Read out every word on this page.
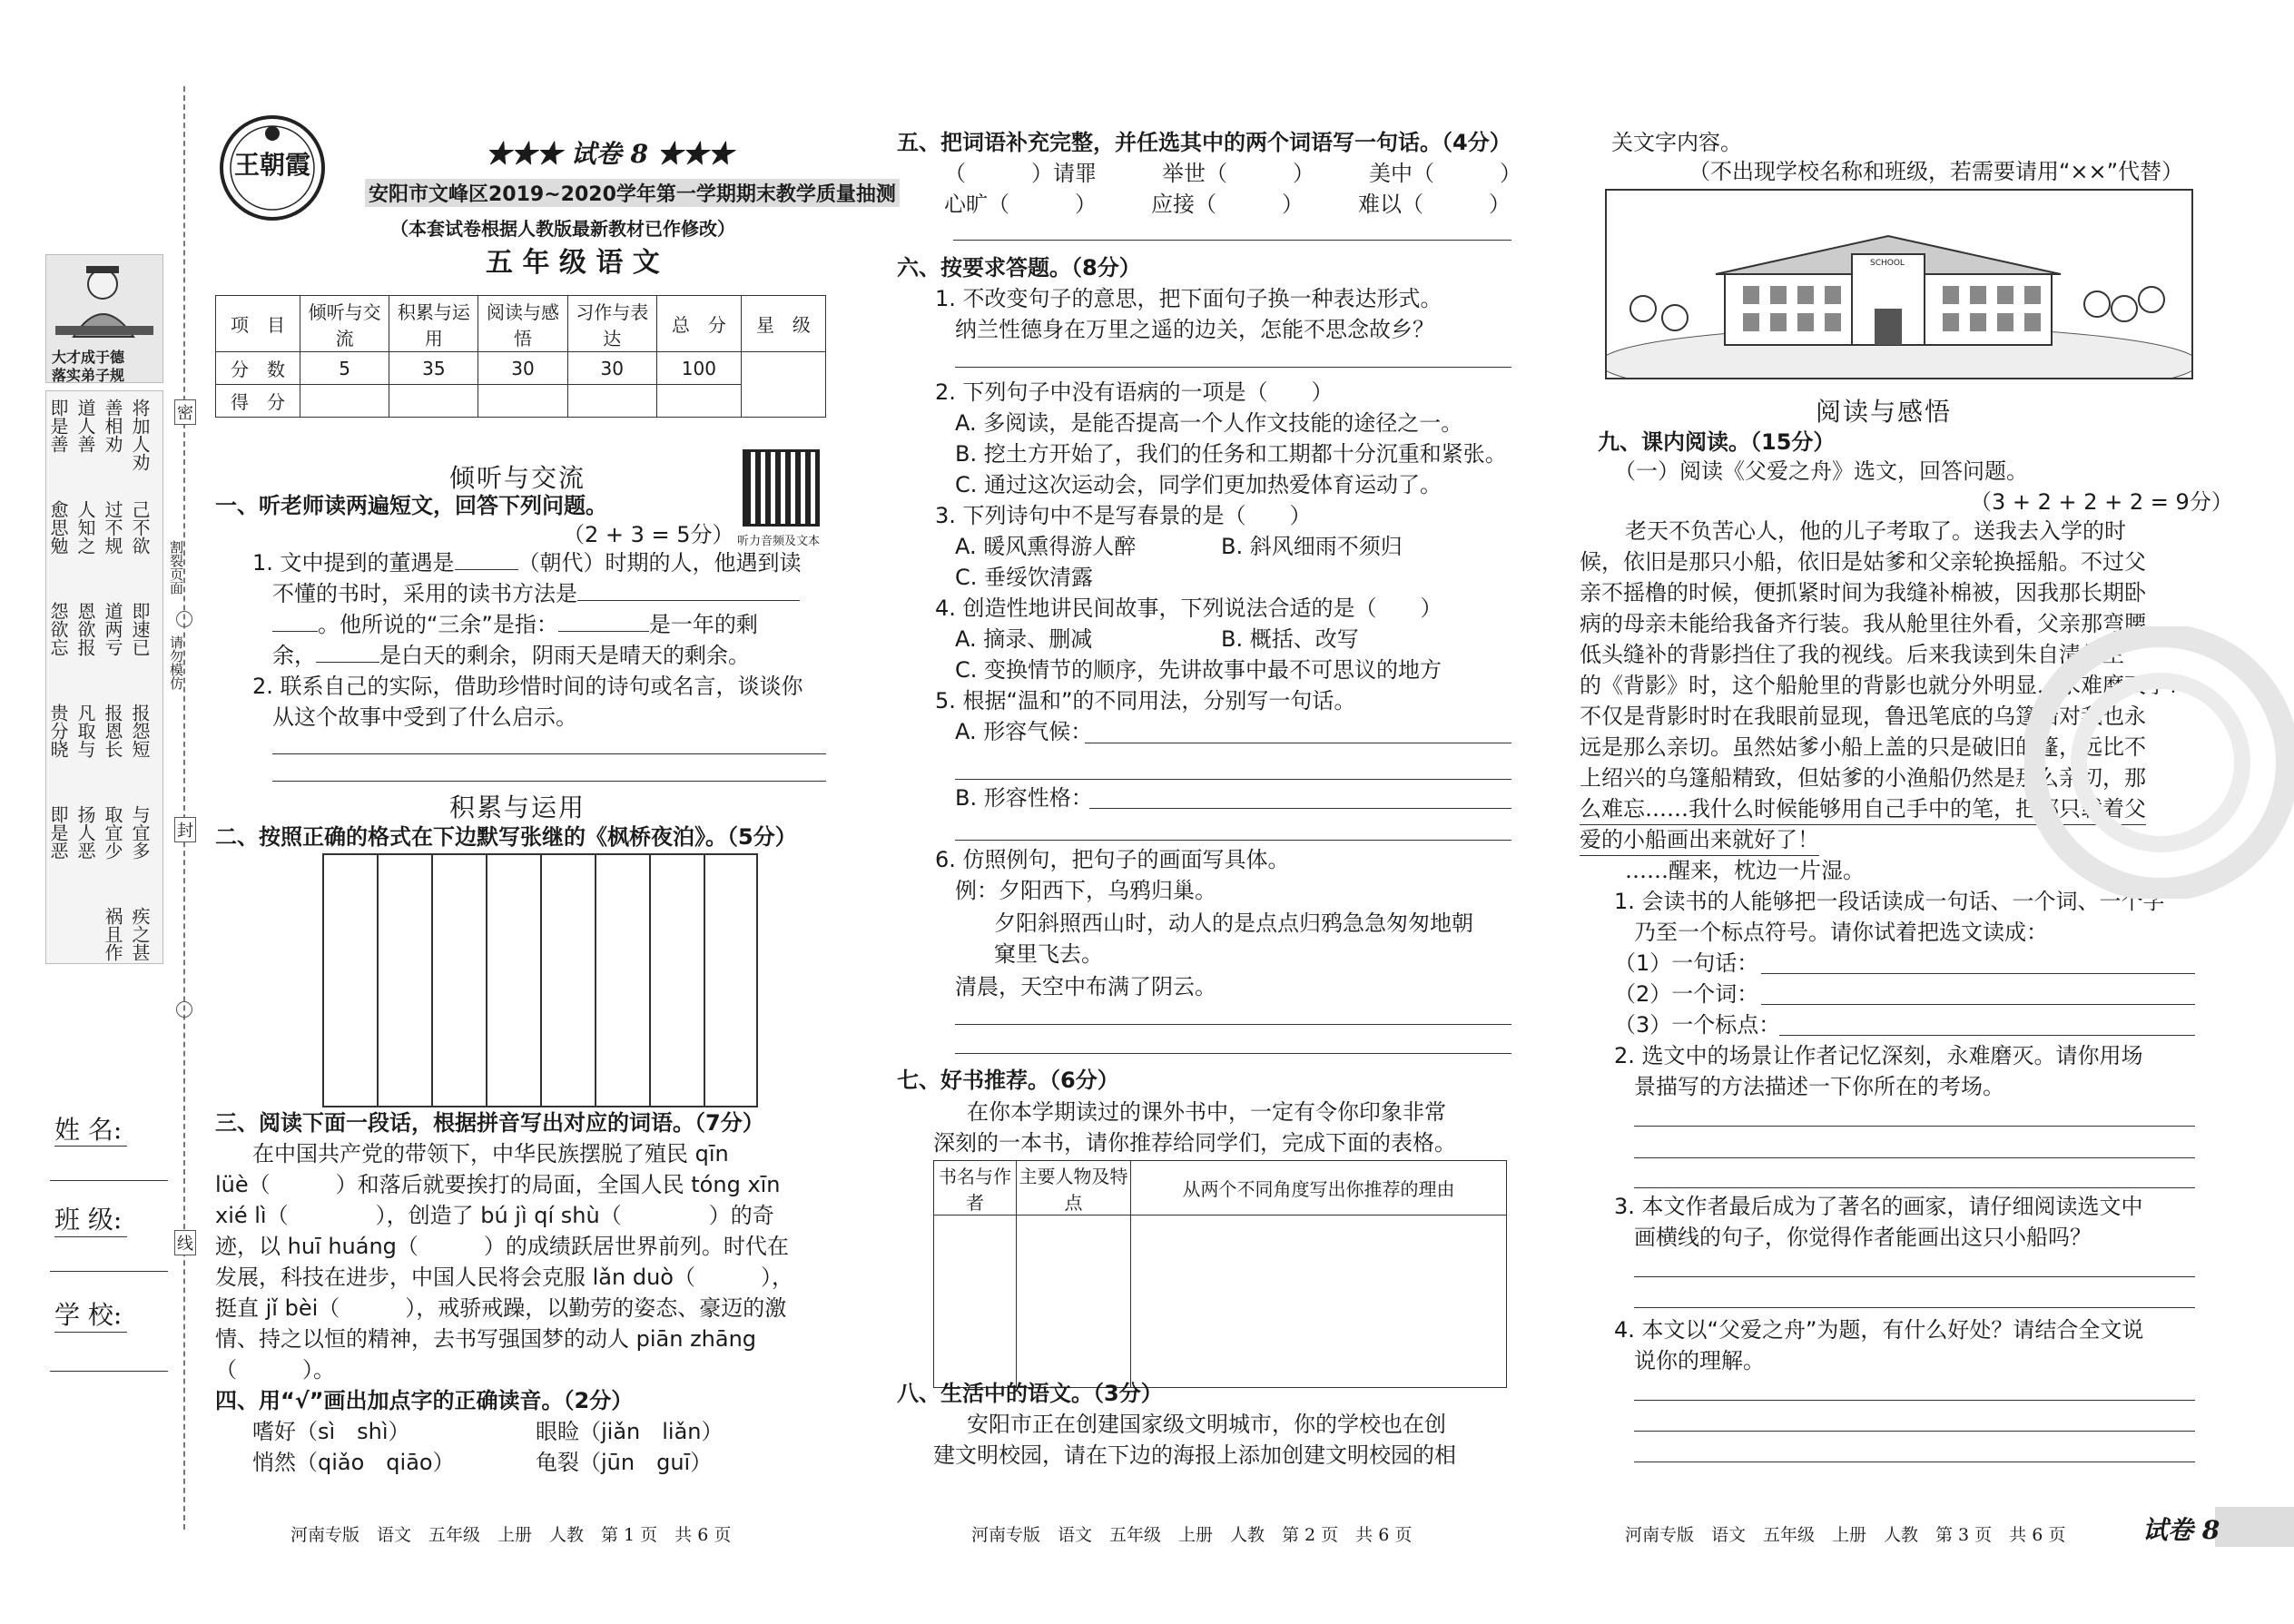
大才成于德
落实弟子规
将加人劝
善相劝
道人善
即是善
己不欲
过不规
人知之
愈思勉
即速已
道两亏
恩欲报
怨欲忘
报怨短
报恩长
凡取与
贵分晓
与宜多
取宜少
扬人恶
即是恶
疾之甚
祸且作
密
封
线
割裂页面
请勿模仿
姓 名:
班 级:
学 校:
王朝霞	★★★ 试卷 8 ★★★
安阳市文峰区2019~2020学年第一学期期末教学质量抽测
（本套试卷根据人教版最新教材已作修改）
五 年 级 语 文
项　目	倾听与交流	积累与运用	阅读与感悟	习作与表达	总　分	星　级
分　数	5	35	30	30	100	
得　分						
倾听与交流
听力音频及文本
一、听老师读两遍短文，回答下列问题。
（2 + 3 = 5分）
1. 文中提到的董遇是	（朝代）时期的人，他遇到读
不懂的书时，采用的读书方法是
。他所说的“三余”是指：	是一年的剩
余，	是白天的剩余，阴雨天是晴天的剩余。
2. 联系自己的实际，借助珍惜时间的诗句或名言，谈谈你
从这个故事中受到了什么启示。
积累与运用
二、按照正确的格式在下边默写张继的《枫桥夜泊》。（5分）
三、阅读下面一段话，根据拼音写出对应的词语。（7分）
在中国共产党的带领下，中华民族摆脱了殖民 qīn
lüè（　　　）和落后就要挨打的局面，全国人民 tóng xīn
xié lì（　　　　），创造了 bú jì qí shù（　　　　）的奇
迹，以 huī huáng（　　　）的成绩跃居世界前列。时代在
发展，科技在进步，中国人民将会克服 lǎn duò（　　　），
挺直 jǐ bèi（　　　），戒骄戒躁，以勤劳的姿态、豪迈的激
情、持之以恒的精神，去书写强国梦的动人 piān zhāng
（　　　）。
四、用“√”画出加点字的正确读音。（2分）
嗜好（sì　shì）	眼睑（jiǎn　liǎn）
悄然（qiǎo　qiāo）	龟裂（jūn　guī）
河南专版　语文　五年级　上册　人教　第 1 页　共 6 页
五、把词语补充完整，并任选其中的两个词语写一句话。（4分）
（　　　）请罪　　　举世（　　　）　　　美中（　　　）
心旷（　　　）　　　应接（　　　）　　　难以（　　　）
六、按要求答题。（8分）
1. 不改变句子的意思，把下面句子换一种表达形式。
纳兰性德身在万里之遥的边关，怎能不思念故乡？
2. 下列句子中没有语病的一项是（　　）
A. 多阅读，是能否提高一个人作文技能的途径之一。
B. 挖土方开始了，我们的任务和工期都十分沉重和紧张。
C. 通过这次运动会，同学们更加热爱体育运动了。
3. 下列诗句中不是写春景的是（　　）
A. 暖风熏得游人醉	B. 斜风细雨不须归
C. 垂绥饮清露
4. 创造性地讲民间故事，下列说法合适的是（　　）
A. 摘录、删减	B. 概括、改写
C. 变换情节的顺序，先讲故事中最不可思议的地方
5. 根据“温和”的不同用法，分别写一句话。
A. 形容气候：
B. 形容性格：
6. 仿照例句，把句子的画面写具体。
例：夕阳西下，乌鸦归巢。
夕阳斜照西山时，动人的是点点归鸦急急匆匆地朝
窠里飞去。
清晨，天空中布满了阴云。
七、好书推荐。（6分）
在你本学期读过的课外书中，一定有令你印象非常
深刻的一本书，请你推荐给同学们，完成下面的表格。
书名与作者	主要人物及特点	从两个不同角度写出你推荐的理由

八、生活中的语文。（3分）
安阳市正在创建国家级文明城市，你的学校也在创
建文明校园，请在下边的海报上添加创建文明校园的相
河南专版　语文　五年级　上册　人教　第 2 页　共 6 页
关文字内容。
（不出现学校名称和班级，若需要请用“××”代替）
SCHOOL
阅读与感悟
九、课内阅读。（15分）
（一）阅读《父爱之舟》选文，回答问题。
（3 + 2 + 2 + 2 = 9分）
老天不负苦心人，他的儿子考取了。送我去入学的时
候，依旧是那只小船，依旧是姑爹和父亲轮换摇船。不过父
亲不摇橹的时候，便抓紧时间为我缝补棉被，因我那长期卧
病的母亲未能给我备齐行装。我从舱里往外看，父亲那弯腰
低头缝补的背影挡住了我的视线。后来我读到朱自清先生
的《背影》时，这个船舱里的背影也就分外明显，永难磨灭了！
不仅是背影时时在我眼前显现，鲁迅笔底的乌篷船对我也永
远是那么亲切。虽然姑爹小船上盖的只是破旧的篷，远比不
上绍兴的乌篷船精致，但姑爹的小渔船仍然是那么亲切，那
么难忘……我什么时候能够用自己手中的笔，把那只载着父
爱的小船画出来就好了！
……醒来，枕边一片湿。
1. 会读书的人能够把一段话读成一句话、一个词、一个字
乃至一个标点符号。请你试着把选文读成：
（1）一句话：
（2）一个词：
（3）一个标点：
2. 选文中的场景让作者记忆深刻，永难磨灭。请你用场
景描写的方法描述一下你所在的考场。
3. 本文作者最后成为了著名的画家，请仔细阅读选文中
画横线的句子，你觉得作者能画出这只小船吗？
4. 本文以“父爱之舟”为题，有什么好处？请结合全文说
说你的理解。
河南专版　语文　五年级　上册　人教　第 3 页　共 6 页	试卷 8
